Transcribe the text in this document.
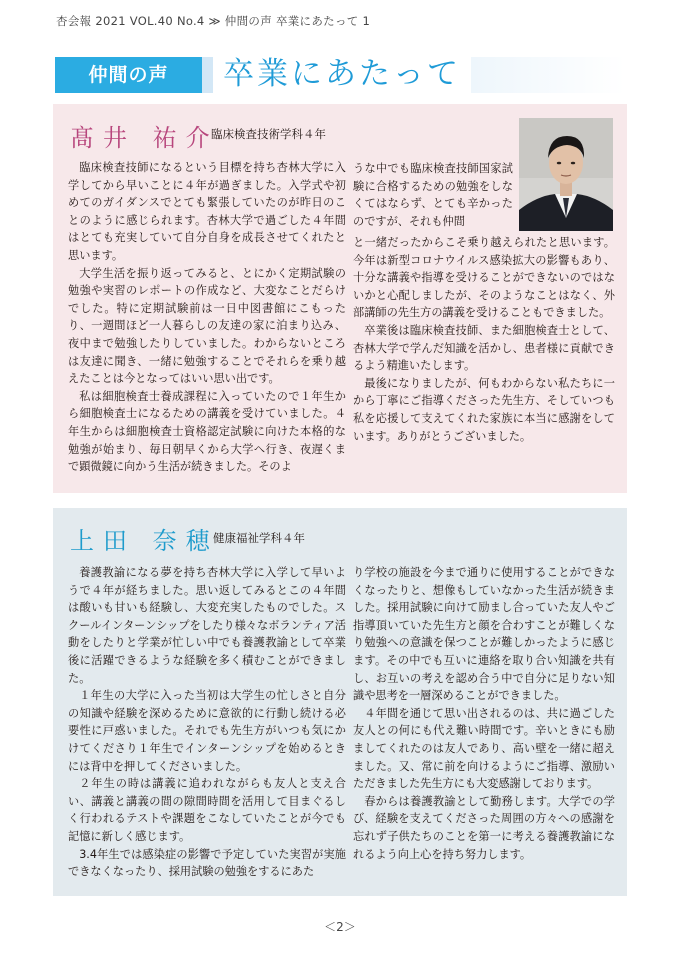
杏会報 2021 VOL.40 No.4 ≫ 仲間の声 卒業にあたって 1
仲間の声	卒業にあたって
髙井 祐介
臨床検査技術学科４年

臨床検査技師になるという目標を持ち杏林大学に入学してから早いことに４年が過ぎました。入学式や初めてのガイダンスでとても緊張していたのが昨日のことのように感じられます。杏林大学で過ごした４年間はとても充実していて自分自身を成長させてくれたと思います。

大学生活を振り返ってみると、とにかく定期試験の勉強や実習のレポートの作成など、大変なことだらけでした。特に定期試験前は一日中図書館にこもったり、一週間ほど一人暮らしの友達の家に泊まり込み、夜中まで勉強したりしていました。わからないところは友達に聞き、一緒に勉強することでそれらを乗り越えたことは今となってはいい思い出です。

私は細胞検査士養成課程に入っていたので１年生から細胞検査士になるための講義を受けていました。４年生からは細胞検査士資格認定試験に向けた本格的な勉強が始まり、毎日朝早くから大学へ行き、夜遅くまで顕微鏡に向かう生活が続きました。そのよ

うな中でも臨床検査技師国家試験に合格するための勉強をしなくてはならず、とても辛かったのですが、それも仲間

と一緒だったからこそ乗り越えられたと思います。今年は新型コロナウイルス感染拡大の影響もあり、十分な講義や指導を受けることができないのではないかと心配しましたが、そのようなことはなく、外部講師の先生方の講義を受けることもできました。

卒業後は臨床検査技師、また細胞検査士として、杏林大学で学んだ知識を活かし、患者様に貢献できるよう精進いたします。

最後になりましたが、何もわからない私たちに一から丁寧にご指導くださった先生方、そしていつも私を応援して支えてくれた家族に本当に感謝をしています。ありがとうございました。

上田 奈穂
健康福祉学科４年

養護教諭になる夢を持ち杏林大学に入学して早いようで４年が経ちました。思い返してみるとこの４年間は酸いも甘いも経験し、大変充実したものでした。スクールインターンシップをしたり様々なボランティア活動をしたりと学業が忙しい中でも養護教諭として卒業後に活躍できるような経験を多く積むことができました。

１年生の大学に入った当初は大学生の忙しさと自分の知識や経験を深めるために意欲的に行動し続ける必要性に戸惑いました。それでも先生方がいつも気にかけてくださり１年生でインターンシップを始めるときには背中を押してくださいました。

２年生の時は講義に追われながらも友人と支え合い、講義と講義の間の隙間時間を活用して目まぐるしく行われるテストや課題をこなしていたことが今でも記憶に新しく感じます。

3.4年生では感染症の影響で予定していた実習が実施できなくなったり、採用試験の勉強をするにあた

り学校の施設を今まで通りに使用することができなくなったりと、想像もしていなかった生活が続きました。採用試験に向けて励まし合っていた友人やご指導頂いていた先生方と顔を合わすことが難しくなり勉強への意識を保つことが難しかったように感じます。その中でも互いに連絡を取り合い知識を共有し、お互いの考えを認め合う中で自分に足りない知識や思考を一層深めることができました。

４年間を通じて思い出されるのは、共に過ごした友人との何にも代え難い時間です。辛いときにも励ましてくれたのは友人であり、高い壁を一緒に超えました。又、常に前を向けるようにご指導、激励いただきました先生方にも大変感謝しております。

春からは養護教諭として勤務します。大学での学び、経験を支えてくださった周囲の方々への感謝を忘れず子供たちのことを第一に考える養護教諭になれるよう向上心を持ち努力します。

＜2＞
